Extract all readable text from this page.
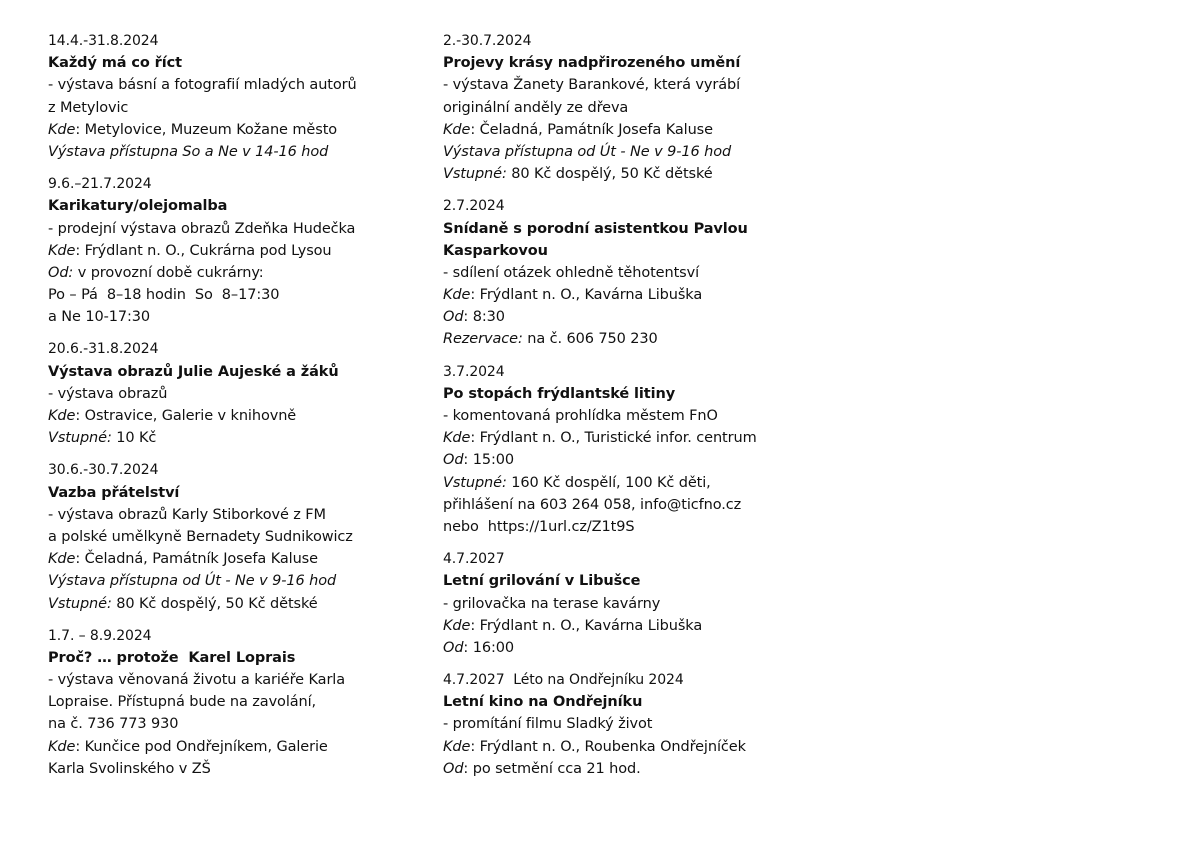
14.4.-31.8.2024
Každý má co říct
- výstava básní a fotografií mladých autorů
z Metylovic
Kde: Metylovice, Muzeum Kožane město
Výstava přístupna So a Ne v 14-16 hod
9.6.–21.7.2024
Karikatury/olejomalba
- prodejní výstava obrazů Zdeňka Hudečka
Kde: Frýdlant n. O., Cukrárna pod Lysou
Od: v provozní době cukrárny:
Po – Pá  8–18 hodin  So  8–17:30
a Ne 10-17:30
20.6.-31.8.2024
Výstava obrazů Julie Aujeské a žáků
- výstava obrazů
Kde: Ostravice, Galerie v knihovně
Vstupné: 10 Kč
30.6.-30.7.2024
Vazba přátelství
- výstava obrazů Karly Stiborkové z FM
a polské umělkyně Bernadety Sudnikowicz
Kde: Čeladná, Památník Josefa Kaluse
Výstava přístupna od Út - Ne v 9-16 hod
Vstupné: 80 Kč dospělý, 50 Kč dětské
1.7. – 8.9.2024
Proč? … protože  Karel Loprais
- výstava věnovaná životu a kariéře Karla
Lopraise. Přístupná bude na zavolání,
na č. 736 773 930
Kde: Kunčice pod Ondřejníkem, Galerie
Karla Svolinského v ZŠ
2.-30.7.2024
Projevy krásy nadpřirozeného umění
- výstava Žanety Barankové, která vyrábí
originální anděly ze dřeva
Kde: Čeladná, Památník Josefa Kaluse
Výstava přístupna od Út - Ne v 9-16 hod
Vstupné: 80 Kč dospělý, 50 Kč dětské
2.7.2024
Snídaně s porodní asistentkou Pavlou
Kasparkovou
- sdílení otázek ohledně těhotentsví
Kde: Frýdlant n. O., Kavárna Libuška
Od: 8:30
Rezervace: na č. 606 750 230
3.7.2024
Po stopách frýdlantské litiny
- komentovaná prohlídka městem FnO
Kde: Frýdlant n. O., Turistické infor. centrum
Od: 15:00
Vstupné: 160 Kč dospělí, 100 Kč děti,
přihlášení na 603 264 058, info@ticfno.cz
nebo  https://1url.cz/Z1t9S
4.7.2027
Letní grilování v Libušce
- grilovačka na terase kavárny
Kde: Frýdlant n. O., Kavárna Libuška
Od: 16:00
4.7.2027  Léto na Ondřejníku 2024
Letní kino na Ondřejníku
- promítání filmu Sladký život
Kde: Frýdlant n. O., Roubenka Ondřejníček
Od: po setmění cca 21 hod.
